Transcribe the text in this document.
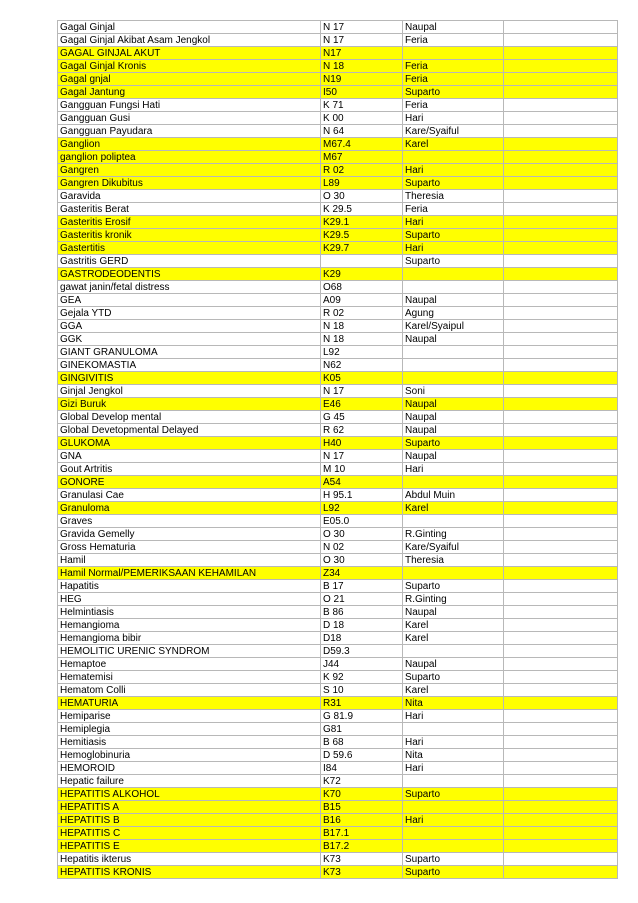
Gagal Ginjal	N 17	Naupal	
Gagal Ginjal Akibat Asam Jengkol	N 17	Feria	
GAGAL GINJAL AKUT	N17		
Gagal Ginjal Kronis	N 18	Feria	
Gagal gnjal	N19	Feria	
Gagal Jantung	I50	Suparto	
Gangguan Fungsi Hati	K 71	Feria	
Gangguan Gusi	K 00	Hari	
Gangguan Payudara	N 64	Kare/Syaiful	
Ganglion	M67.4	Karel	
ganglion poliptea	M67		
Gangren	R 02	Hari	
Gangren Dikubitus	L89	Suparto	
Garavida	O 30	Theresia	
Gasteritis Berat	K 29.5	Feria	
Gasteritis Erosif	K29.1	Hari	
Gasteritis kronik	K29.5	Suparto	
Gastertitis	K29.7	Hari	
Gastritis GERD		Suparto	
GASTRODEODENTIS	K29		
gawat janin/fetal distress	O68		
GEA	A09	Naupal	
Gejala YTD	R 02	Agung	
GGA	N 18	Karel/Syaipul	
GGK	N 18	Naupal	
GIANT GRANULOMA	L92		
GINEKOMASTIA	N62		
GINGIVITIS	K05		
Ginjal Jengkol	N 17	Soni	
Gizi Buruk	E46	Naupal	
Global Develop mental	G 45	Naupal	
Global Devetopmental Delayed	R 62	Naupal	
GLUKOMA	H40	Suparto	
GNA	N 17	Naupal	
Gout Artritis	M 10	Hari	
GONORE	A54		
Granulasi Cae	H 95.1	Abdul Muin	
Granuloma	L92	Karel	
Graves	E05.0		
Gravida Gemelly	O 30	R.Ginting	
Gross Hematuria	N 02	Kare/Syaiful	
Hamil	O 30	Theresia	
Hamil Normal/PEMERIKSAAN KEHAMILAN	Z34		
Hapatitis	B 17	Suparto	
HEG	O 21	R.Ginting	
Helmintiasis	B 86	Naupal	
Hemangioma	D 18	Karel	
Hemangioma bibir	D18	Karel	
HEMOLITIC URENIC SYNDROM	D59.3		
Hemaptoe	J44	Naupal	
Hematemisi	K 92	Suparto	
Hematom Colli	S 10	Karel	
HEMATURIA	R31	Nita	
Hemiparise	G 81.9	Hari	
Hemiplegia	G81		
Hemitiasis	B 68	Hari	
Hemoglobinuria	D 59.6	Nita	
HEMOROID	I84	Hari	
Hepatic failure	K72		
HEPATITIS ALKOHOL	K70	Suparto	
HEPATITIS A	B15		
HEPATITIS B	B16	Hari	
HEPATITIS C	B17.1		
HEPATITIS E	B17.2		
Hepatitis ikterus	K73	Suparto	
HEPATITIS KRONIS	K73	Suparto	
